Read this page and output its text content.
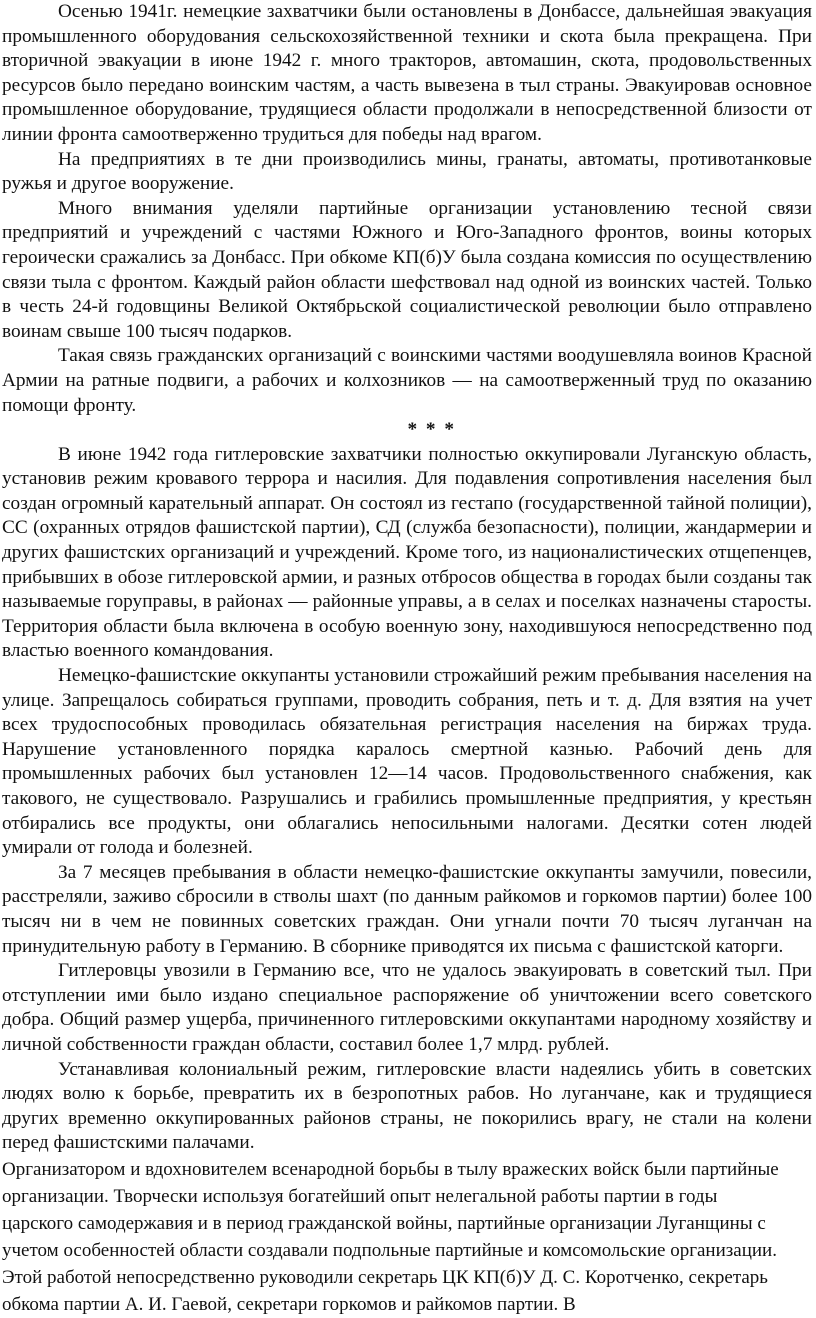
Осенью 1941г. немецкие захватчики были остановлены в Донбассе, дальнейшая эвакуация промышленного оборудования сельскохозяйственной техники и скота была прекращена. При вторичной эвакуации в июне 1942 г. много тракторов, автомашин, скота, продовольственных ресурсов было передано воинским частям, а часть вывезена в тыл страны. Эвакуировав основное промышленное оборудование, трудящиеся области продолжали в непосредственной близости от линии фронта самоотверженно трудиться для победы над врагом.

На предприятиях в те дни производились мины, гранаты, автоматы, противотанковые ружья и другое вооружение.

Много внимания уделяли партийные организации установлению тесной связи предприятий и учреждений с частями Южного и Юго-Западного фронтов, воины которых героически сражались за Донбасс. При обкоме КП(б)У была создана комиссия по осуществлению связи тыла с фронтом. Каждый район области шефствовал над одной из воинских частей. Только в честь 24-й годовщины Великой Октябрьской социалистической революции было отправлено воинам свыше 100 тысяч подарков.

Такая связь гражданских организаций с воинскими частями воодушевляла воинов Красной Армии на ратные подвиги, а рабочих и колхозников — на самоотверженный труд по оказанию помощи фронту.

* * *

В июне 1942 года гитлеровские захватчики полностью оккупировали Луганскую область, установив режим кровавого террора и насилия. Для подавления сопротивления населения был создан огромный карательный аппарат. Он состоял из гестапо (государственной тайной полиции), СС (охранных отрядов фашистской партии), СД (служба безопасности), полиции, жандармерии и других фашистских организаций и учреждений. Кроме того, из националистических отщепенцев, прибывших в обозе гитлеровской армии, и разных отбросов общества в городах были созданы так называемые горуправы, в районах — районные управы, а в селах и поселках назначены старосты. Территория области была включена в особую военную зону, находившуюся непосредственно под властью военного командования.

Немецко-фашистские оккупанты установили строжайший режим пребывания населения на улице. Запрещалось собираться группами, проводить собрания, петь и т. д. Для взятия на учет всех трудоспособных проводилась обязательная регистрация населения на биржах труда. Нарушение установленного порядка каралось смертной казнью. Рабочий день для промышленных рабочих был установлен 12—14 часов. Продовольственного снабжения, как такового, не существовало. Разрушались и грабились промышленные предприятия, у крестьян отбирались все продукты, они облагались непосильными налогами. Десятки сотен людей умирали от голода и болезней.

За 7 месяцев пребывания в области немецко-фашистские оккупанты замучили, повесили, расстреляли, заживо сбросили в стволы шахт (по данным райкомов и горкомов партии) более 100 тысяч ни в чем не повинных советских граждан. Они угнали почти 70 тысяч луганчан на принудительную работу в Германию. В сборнике приводятся их письма с фашистской каторги.

Гитлеровцы увозили в Германию все, что не удалось эвакуировать в советский тыл. При отступлении ими было издано специальное распоряжение об уничтожении всего советского добра. Общий размер ущерба, причиненного гитлеровскими оккупантами народному хозяйству и личной собственности граждан области, составил более 1,7 млрд. рублей.

Устанавливая колониальный режим, гитлеровские власти надеялись убить в советских людях волю к борьбе, превратить их в безропотных рабов. Но луганчане, как и трудящиеся других временно оккупированных районов страны, не покорились врагу, не стали на колени перед фашистскими палачами.

Организатором и вдохновителем всенародной борьбы в тылу вражеских войск были партийные

организации. Творчески используя богатейший опыт нелегальной работы партии в годы

царского самодержавия и в период гражданской войны, партийные организации Луганщины с

учетом особенностей области создавали подпольные партийные и комсомольские организации.

Этой работой непосредственно руководили секретарь ЦК КП(б)У Д. С. Коротченко, секретарь

обкома партии А. И. Гаевой, секретари горкомов и райкомов партии. В
